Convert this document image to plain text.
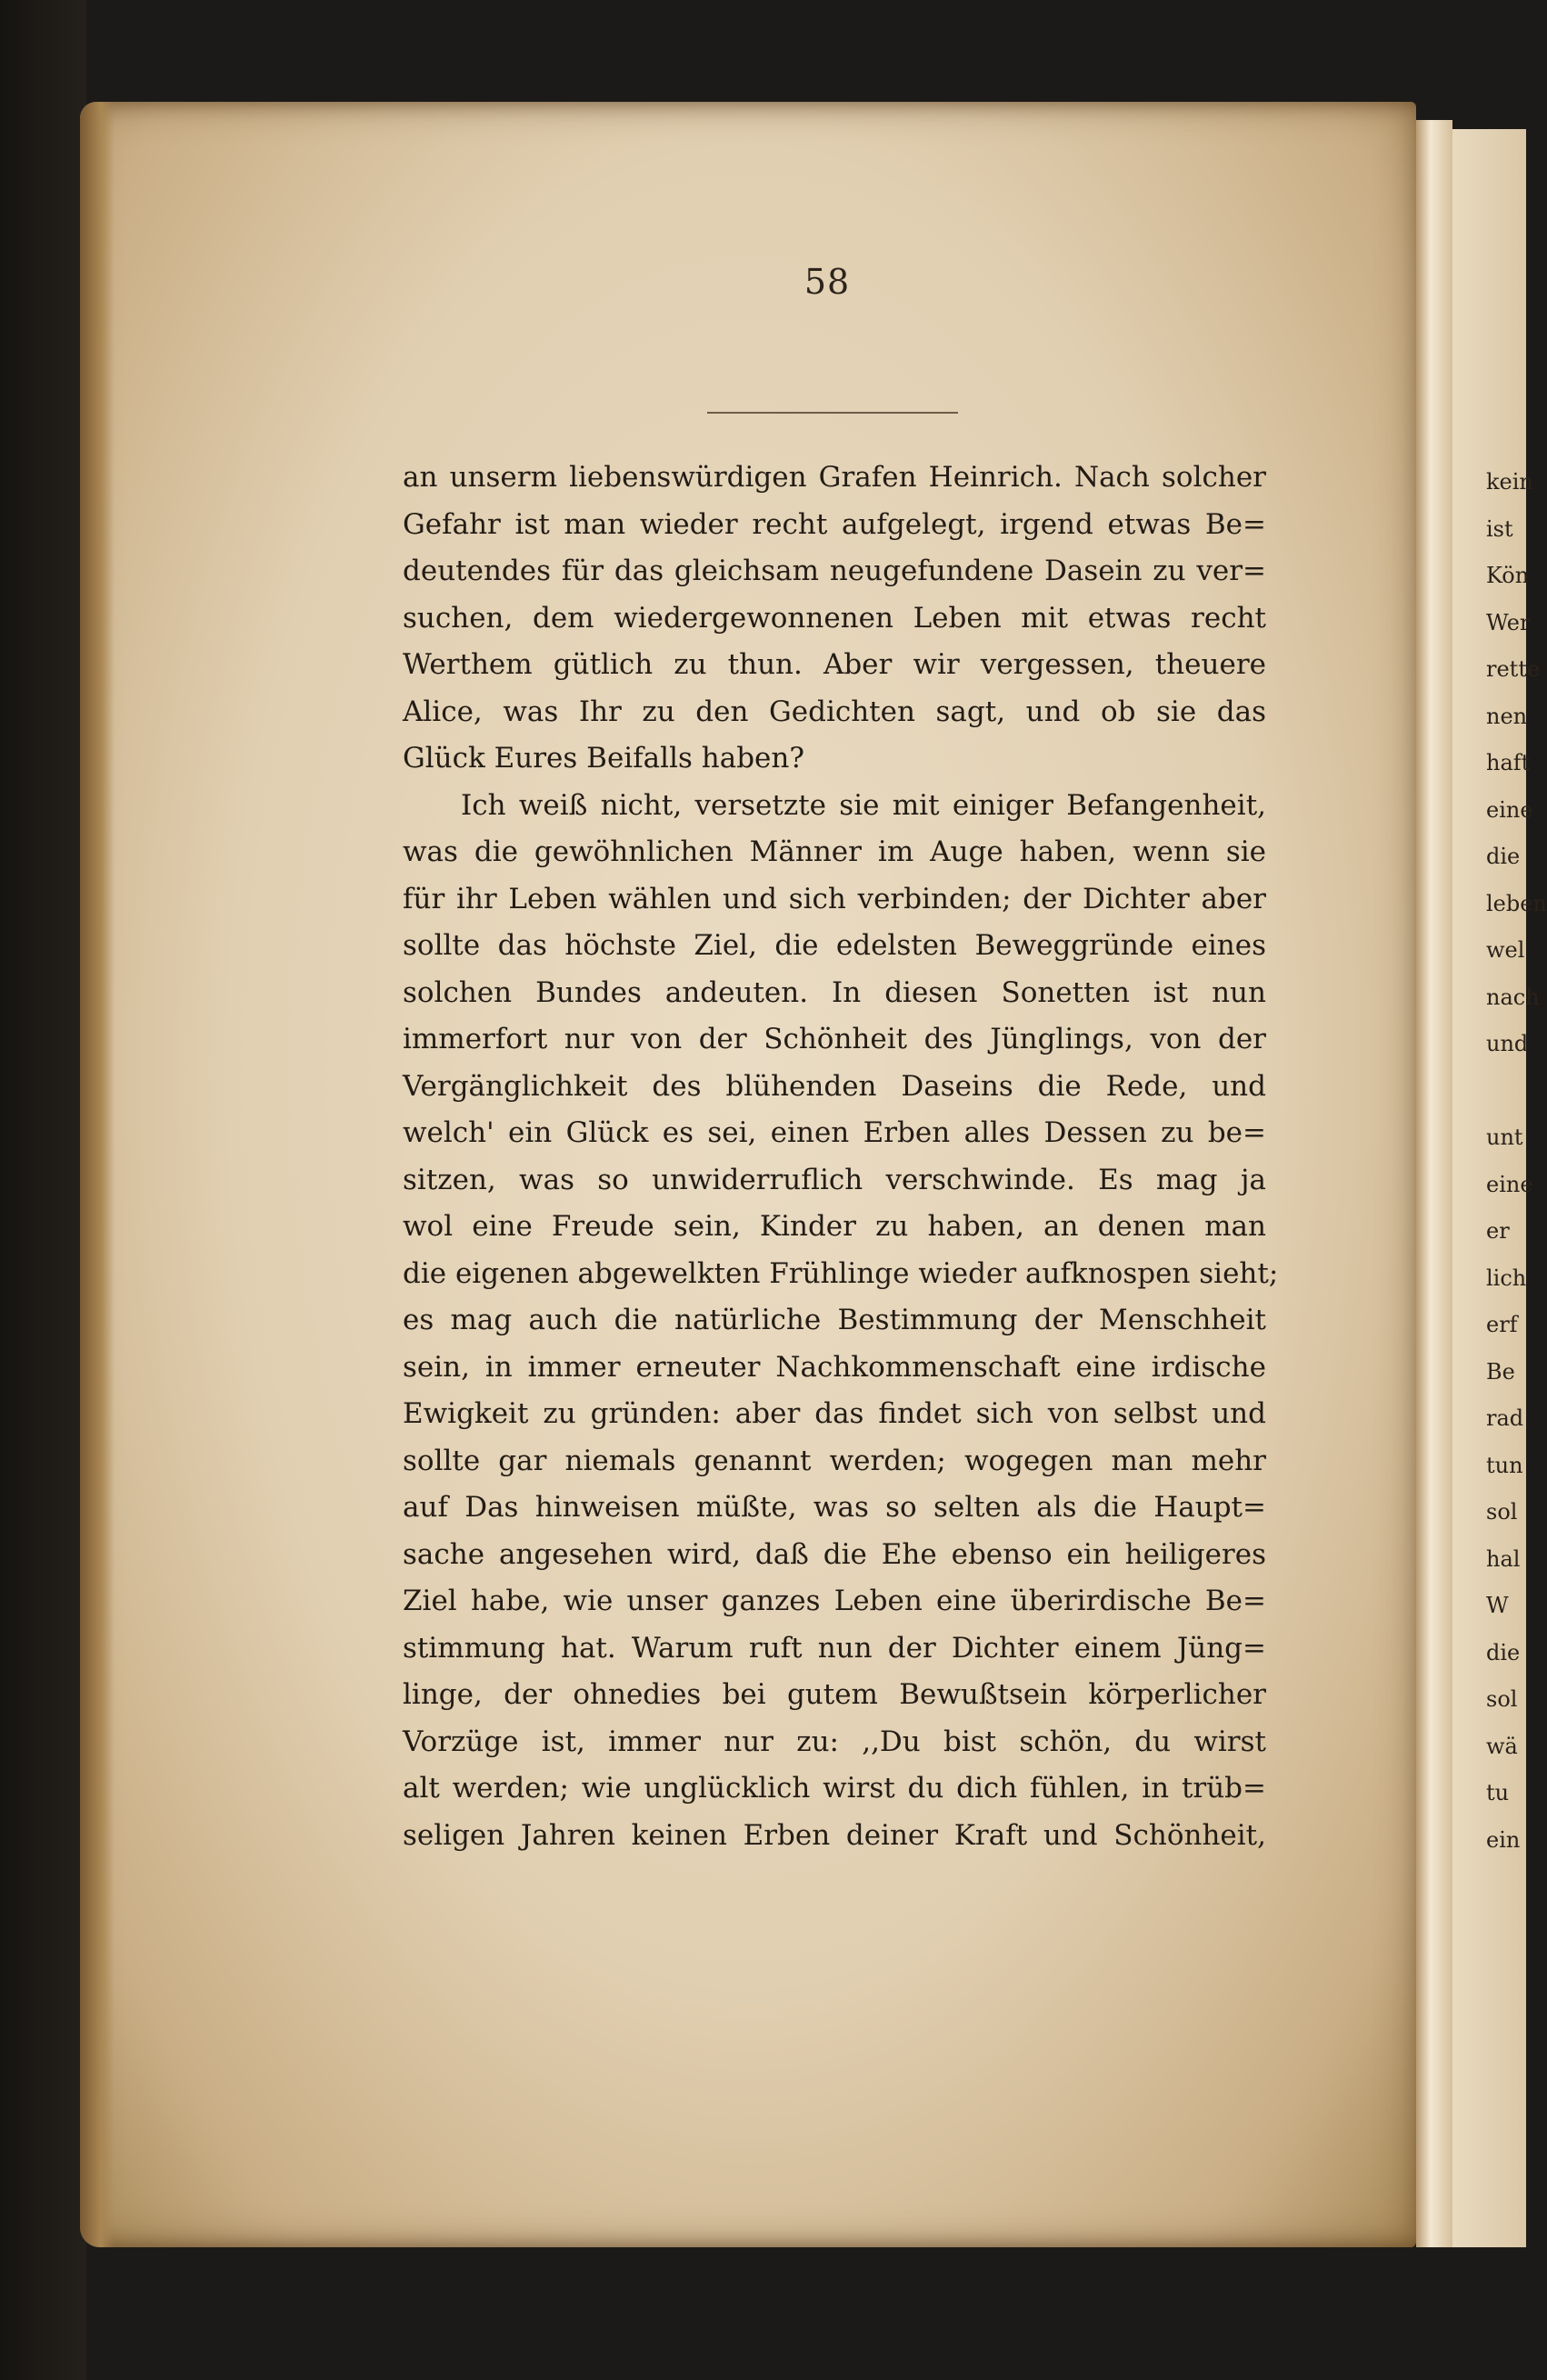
58
an unserm liebenswürdigen Grafen Heinrich. Nach solcher
Gefahr ist man wieder recht aufgelegt, irgend etwas Be=
deutendes für das gleichsam neugefundene Dasein zu ver=
suchen, dem wiedergewonnenen Leben mit etwas recht
Werthem gütlich zu thun. Aber wir vergessen, theuere
Alice, was Ihr zu den Gedichten sagt, und ob sie das
Glück Eures Beifalls haben?
Ich weiß nicht, versetzte sie mit einiger Befangenheit,
was die gewöhnlichen Männer im Auge haben, wenn sie
für ihr Leben wählen und sich verbinden; der Dichter aber
sollte das höchste Ziel, die edelsten Beweggründe eines
solchen Bundes andeuten. In diesen Sonetten ist nun
immerfort nur von der Schönheit des Jünglings, von der
Vergänglichkeit des blühenden Daseins die Rede, und
welch' ein Glück es sei, einen Erben alles Dessen zu be=
sitzen, was so unwiderruflich verschwinde. Es mag ja
wol eine Freude sein, Kinder zu haben, an denen man
die eigenen abgewelkten Frühlinge wieder aufknospen sieht;
es mag auch die natürliche Bestimmung der Menschheit
sein, in immer erneuter Nachkommenschaft eine irdische
Ewigkeit zu gründen: aber das findet sich von selbst und
sollte gar niemals genannt werden; wogegen man mehr
auf Das hinweisen müßte, was so selten als die Haupt=
sache angesehen wird, daß die Ehe ebenso ein heiligeres
Ziel habe, wie unser ganzes Leben eine überirdische Be=
stimmung hat. Warum ruft nun der Dichter einem Jüng=
linge, der ohnedies bei gutem Bewußtsein körperlicher
Vorzüge ist, immer nur zu: ,,Du bist schön, du wirst
alt werden; wie unglücklich wirst du dich fühlen, in trüb=
seligen Jahren keinen Erben deiner Kraft und Schönheit,
kein
ist
Kön
Wer
rette
nen
haft
eine
die
leben
wel
nach
und
unt
eine
er
lich
erf
Be
rad
tun
sol
hal
W
die
sol
wä
tu
ein
